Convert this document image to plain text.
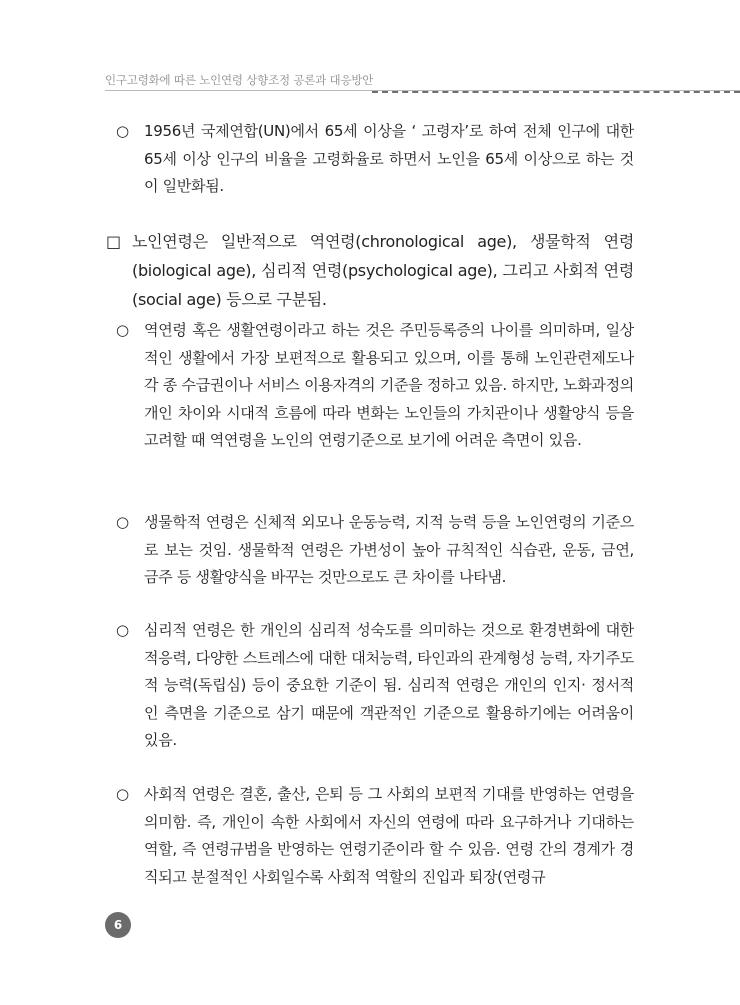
인구고령화에 따른 노인연령 상향조정 공론과 대응방안
○	1956년 국제연합(UN)에서 65세 이상을 ‘ 고령자’로 하여 전체 인구에 대한 65세 이상 인구의 비율을 고령화율로 하면서 노인을 65세 이상으로 하는 것이 일반화됨.
□ 노인연령은 일반적으로 역연령(chronological age), 생물학적 연령(biological age), 심리적 연령(psychological age), 그리고 사회적 연령(social age) 등으로 구분됨.
○	역연령 혹은 생활연령이라고 하는 것은 주민등록증의 나이를 의미하며, 일상적인 생활에서 가장 보편적으로 활용되고 있으며, 이를 통해 노인관련제도나 각 종 수급권이나 서비스 이용자격의 기준을 정하고 있음. 하지만, 노화과정의 개인 차이와 시대적 흐름에 따라 변화는 노인들의 가치관이나 생활양식 등을 고려할 때 역연령을 노인의 연령기준으로 보기에 어려운 측면이 있음.
○	생물학적 연령은 신체적 외모나 운동능력, 지적 능력 등을 노인연령의 기준으로 보는 것임. 생물학적 연령은 가변성이 높아 규칙적인 식습관, 운동, 금연, 금주 등 생활양식을 바꾸는 것만으로도 큰 차이를 나타냄.
○	심리적 연령은 한 개인의 심리적 성숙도를 의미하는 것으로 환경변화에 대한 적응력, 다양한 스트레스에 대한 대처능력, 타인과의 관계형성 능력, 자기주도적 능력(독립심) 등이 중요한 기준이 됨. 심리적 연령은 개인의 인지· 정서적인 측면을 기준으로 삼기 때문에 객관적인 기준으로 활용하기에는 어려움이 있음.
○	사회적 연령은 결혼, 출산, 은퇴 등 그 사회의 보편적 기대를 반영하는 연령을 의미함. 즉, 개인이 속한 사회에서 자신의 연령에 따라 요구하거나 기대하는 역할, 즉 연령규범을 반영하는 연령기준이라 할 수 있음. 연령 간의 경계가 경직되고 분절적인 사회일수록 사회적 역할의 진입과 퇴장(연령규
6
